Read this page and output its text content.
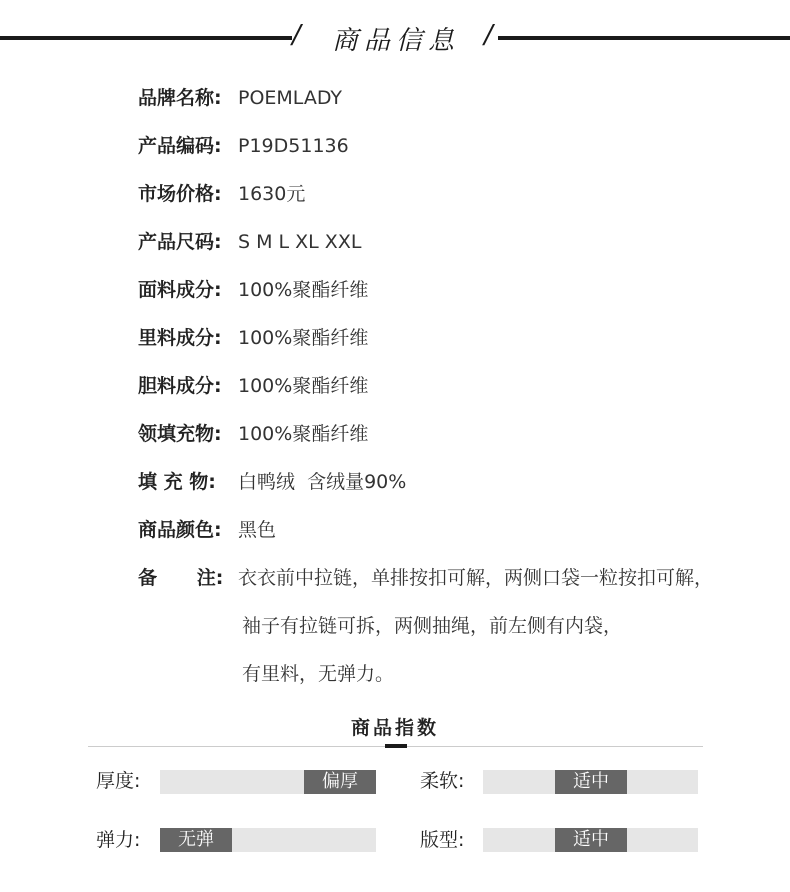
/ 商品信息 /
品牌名称: POEMLADY
产品编码: P19D51136
市场价格: 1630元
产品尺码: S M L XL XXL
面料成分: 100%聚酯纤维
里料成分: 100%聚酯纤维
胆料成分: 100%聚酯纤维
领填充物: 100%聚酯纤维
填 充 物: 白鸭绒  含绒量90%
商品颜色: 黑色
备      注: 衣衣前中拉链，单排按扣可解，两侧口袋一粒按扣可解，
袖子有拉链可拆，两侧抽绳，前左侧有内袋，
有里料，无弹力。
商品指数
厚度:	偏厚	柔软:	适中
弹力:	无弹	版型:	适中
